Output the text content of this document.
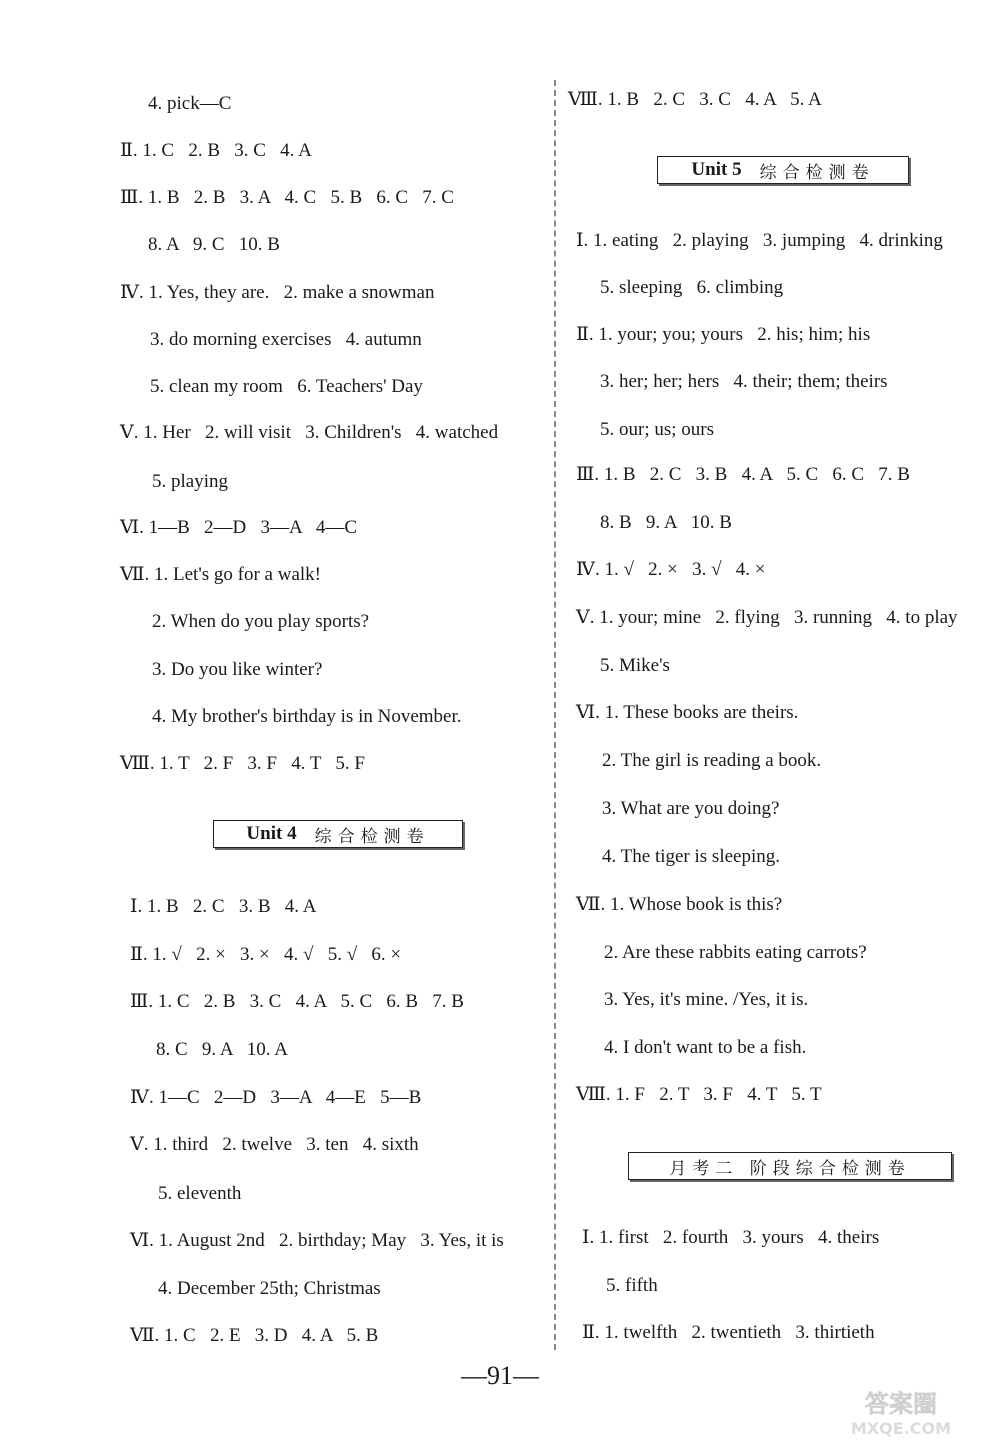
4. pick—C
Ⅱ. 1. C   2. B   3. C   4. A
Ⅲ. 1. B   2. B   3. A   4. C   5. B   6. C   7. C
8. A   9. C   10. B
Ⅳ. 1. Yes, they are.   2. make a snowman
3. do morning exercises   4. autumn
5. clean my room   6. Teachers' Day
Ⅴ. 1. Her   2. will visit   3. Children's   4. watched
5. playing
Ⅵ. 1—B   2—D   3—A   4—C
Ⅶ. 1. Let's go for a walk!
2. When do you play sports?
3. Do you like winter?
4. My brother's birthday is in November.
Ⅷ. 1. T   2. F   3. F   4. T   5. F
Ⅰ. 1. B   2. C   3. B   4. A
Ⅱ. 1. √   2. ×   3. ×   4. √   5. √   6. ×
Ⅲ. 1. C   2. B   3. C   4. A   5. C   6. B   7. B
8. C   9. A   10. A
Ⅳ. 1—C   2—D   3—A   4—E   5—B
Ⅴ. 1. third   2. twelve   3. ten   4. sixth
5. eleventh
Ⅵ. 1. August 2nd   2. birthday; May   3. Yes, it is
4. December 25th; Christmas
Ⅶ. 1. C   2. E   3. D   4. A   5. B
Ⅷ. 1. B   2. C   3. C   4. A   5. A
Ⅰ. 1. eating   2. playing   3. jumping   4. drinking
5. sleeping   6. climbing
Ⅱ. 1. your; you; yours   2. his; him; his
3. her; her; hers   4. their; them; theirs
5. our; us; ours
Ⅲ. 1. B   2. C   3. B   4. A   5. C   6. C   7. B
8. B   9. A   10. B
Ⅳ. 1. √   2. ×   3. √   4. ×
Ⅴ. 1. your; mine   2. flying   3. running   4. to play
5. Mike's
Ⅵ. 1. These books are theirs.
2. The girl is reading a book.
3. What are you doing?
4. The tiger is sleeping.
Ⅶ. 1. Whose book is this?
2. Are these rabbits eating carrots?
3. Yes, it's mine. /Yes, it is.
4. I don't want to be a fish.
Ⅷ. 1. F   2. T   3. F   4. T   5. T
Ⅰ. 1. first   2. fourth   3. yours   4. theirs
5. fifth
Ⅱ. 1. twelfth   2. twentieth   3. thirtieth
Unit 4 综合检测卷
Unit 5 综合检测卷
月考二 阶段综合检测卷
—91—
答案圈
MXQE.COM
